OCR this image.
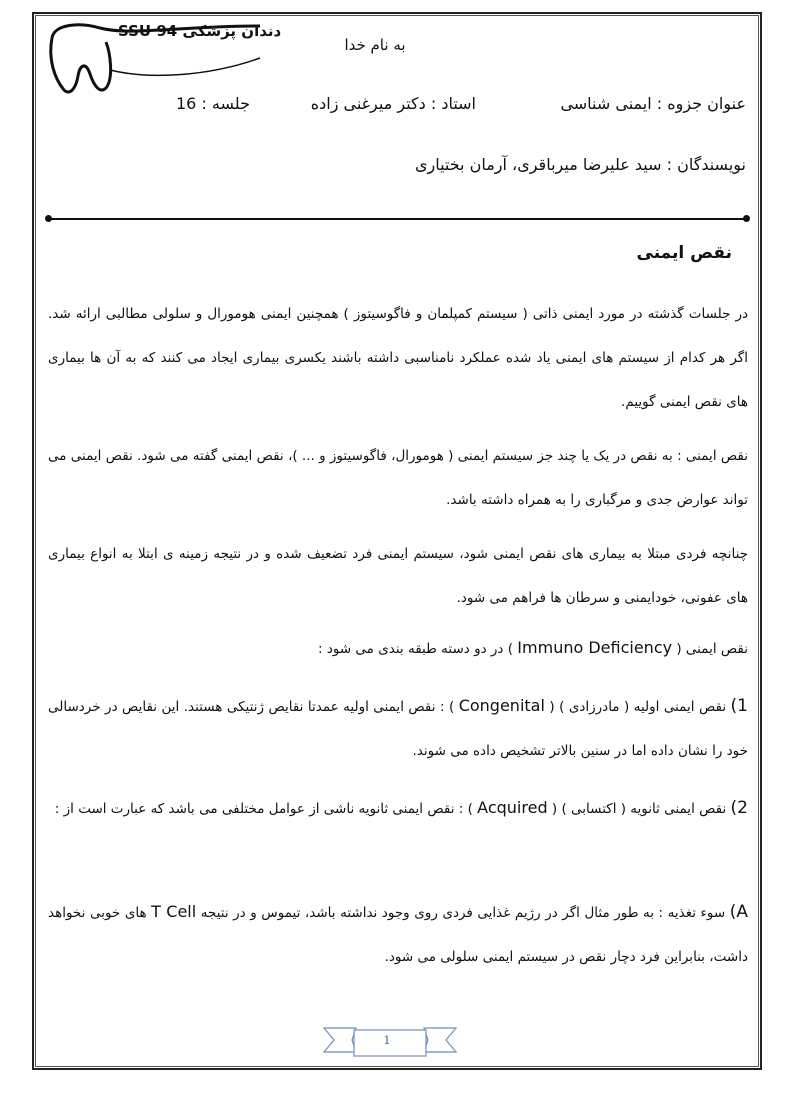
دندان پزشکی SSU 94
به نام خدا
عنوان جزوه : ایمنی شناسی
استاد : دکتر میرغنی زاده
جلسه : 16
نویسندگان : سید علیرضا میرباقری، آرمان بختیاری
نقص ایمنی
در جلسات گذشته در مورد ایمنی ذاتی ( سیستم کمپلمان و فاگوسیتوز ) همچنین ایمنی هومورال و سلولی مطالبی ارائه شد. اگر هر کدام از سیستم های ایمنی یاد شده عملکرد نامناسبی داشته باشند یکسری بیماری ایجاد می کنند که به آن ها بیماری های نقص ایمنی گوییم.
نقص ایمنی : به نقص در یک یا چند جز سیستم ایمنی ( هومورال، فاگوسیتوز و ... )، نقص ایمنی گفته می شود. نقص ایمنی می تواند عوارض جدی و مرگباری را به همراه داشته باشد.
چنانچه فردی مبتلا به بیماری های نقص ایمنی شود، سیستم ایمنی فرد تضعیف شده و در نتیجه زمینه ی ابتلا به انواع بیماری های عفونی، خودایمنی و سرطان ها فراهم می شود.
نقص ایمنی ( Immuno Deficiency ) در دو دسته طبقه بندی می شود :
1) نقص ایمنی اولیه ( مادرزادی ) ( Congenital ) : نقص ایمنی اولیه عمدتا نقایص ژنتیکی هستند. این نقایص در خردسالی خود را نشان داده اما در سنین بالاتر تشخیص داده می شوند.
2) نقص ایمنی ثانویه ( اکتسابی ) ( Acquired ) : نقص ایمنی ثانویه ناشی از عوامل مختلفی می باشد که عبارت است از :
A) سوء تغذیه : به طور مثال اگر در رژیم غذایی فردی روی وجود نداشته باشد، تیموس و در نتیجه T Cell های خوبی نخواهد داشت، بنابراین فرد دچار نقص در سیستم ایمنی سلولی می شود.
1
